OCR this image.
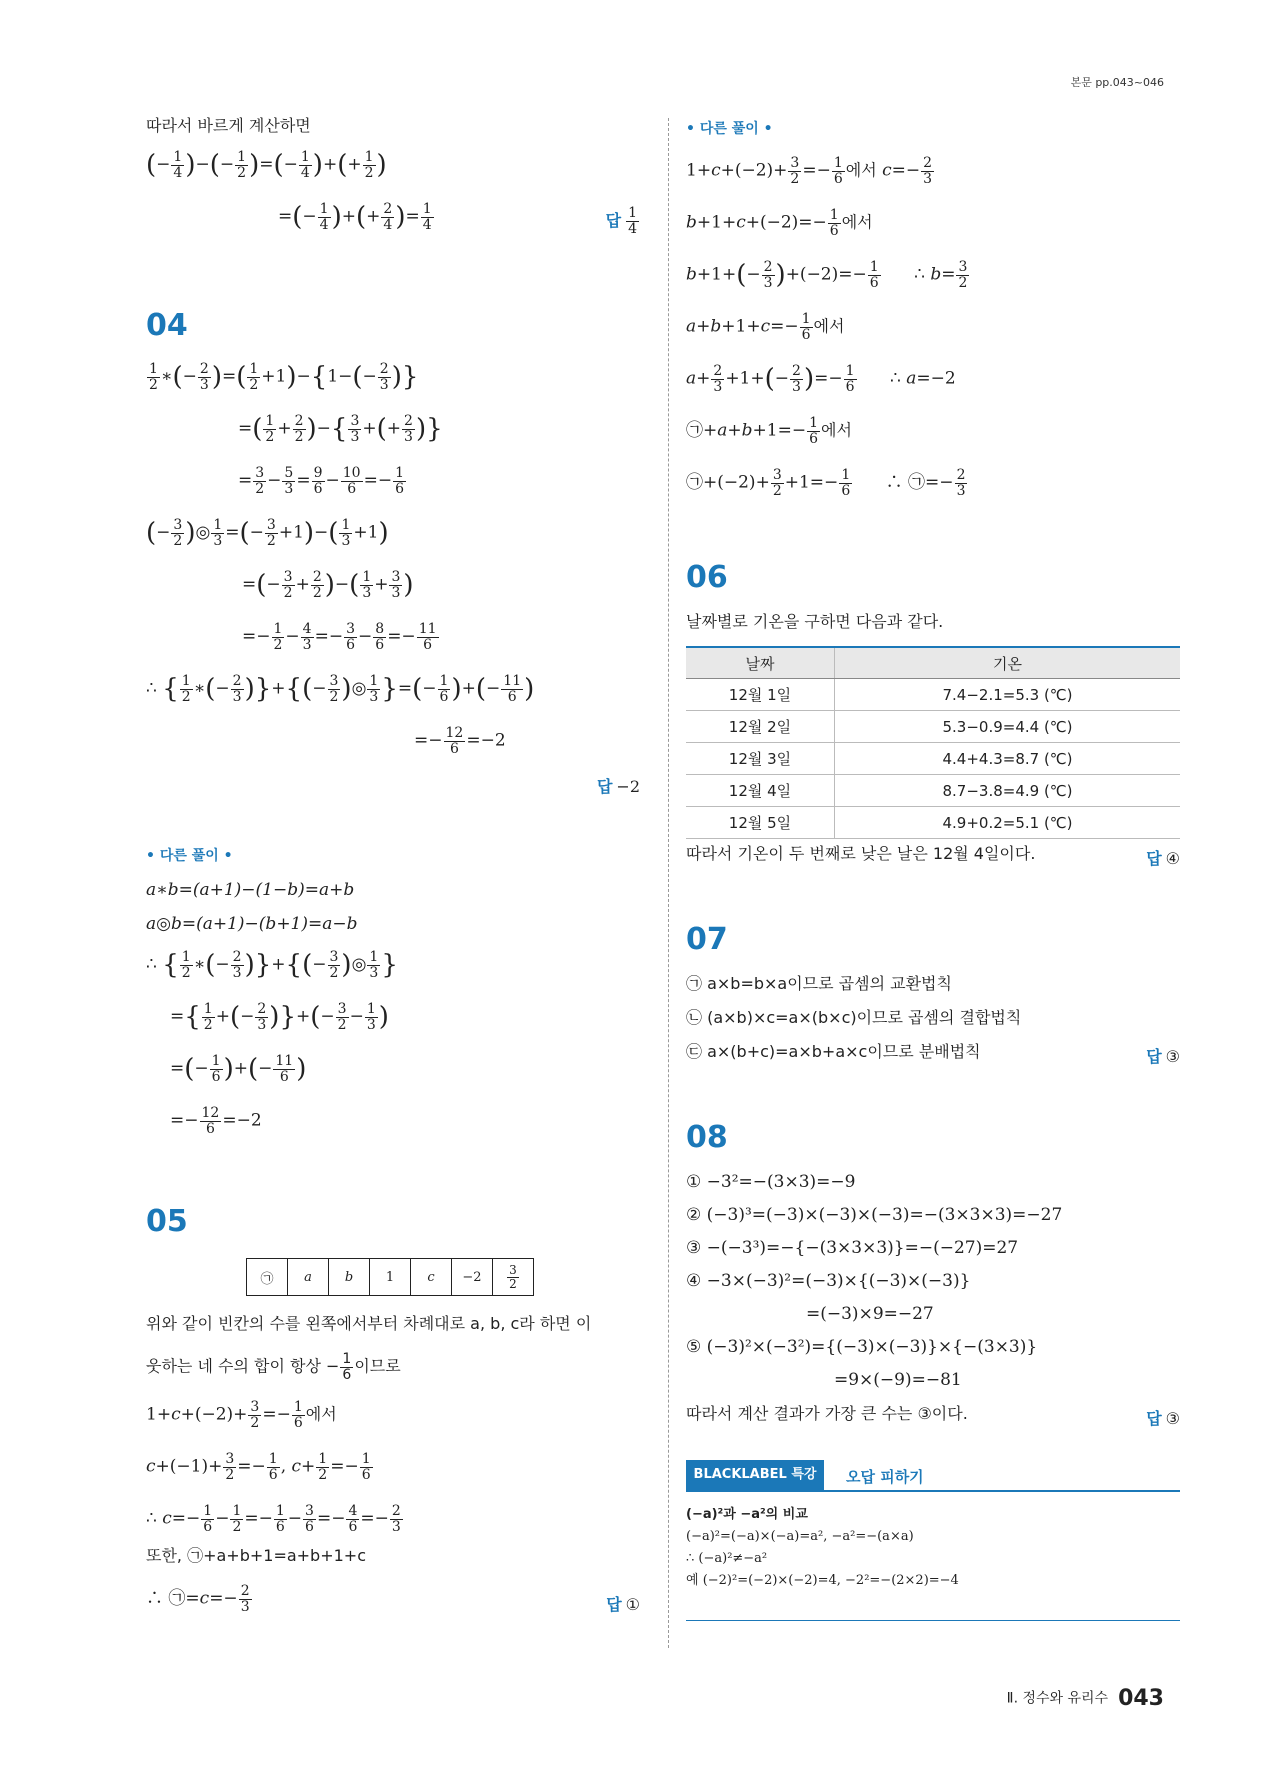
본문 pp.043~046
따라서 바르게 계산하면
(− $\frac{1}{4}$ )−(− $\frac{1}{2}$ )=(− $\frac{1}{4}$ )+(+ $\frac{1}{2}$ )
=(− $\frac{1}{4}$ )+(+ $\frac{2}{4}$ )= $\frac{1}{4}$	답 $\frac{1}{4}$
04
$\frac{1}{2}$ ∗(− $\frac{2}{3}$ )=( $\frac{1}{2} +1)-\{1-(- \frac{2}{3}$ )}
=( $\frac{1}{2} + \frac{2}{2}$ )−{ $\frac{3}{3}$ +(+ $\frac{2}{3}$ )}
= $\frac{3}{2} - \frac{5}{3} = \frac{9}{6} - \frac{10}{6} =- \frac{1}{6}$
(− $\frac{3}{2}$ )◎ $\frac{1}{3}$ =(− $\frac{3}{2} +1)-( \frac{1}{3} +1)$
=(− $\frac{3}{2} + \frac{2}{2}$ )−( $\frac{1}{3} + \frac{3}{3}$ )
=− $\frac{1}{2} - \frac{4}{3} =- \frac{3}{6} - \frac{8}{6} =- \frac{11}{6}$
∴ { $\frac{1}{2}$ ∗(− $\frac{2}{3}$ )}+{(− $\frac{3}{2}$ )◎ $\frac{1}{3}$ }=(− $\frac{1}{6}$ )+(− $\frac{11}{6}$ )
=− $\frac{12}{6} =-2$
답 −2
• 다른 풀이 •
a∗b=(a+1)−(1−b)=a+b
a◎b=(a+1)−(b+1)=a−b
∴ { $\frac{1}{2}$ ∗(− $\frac{2}{3}$ )}+{(− $\frac{3}{2}$ )◎ $\frac{1}{3}$ }
={ $\frac{1}{2}$ +(− $\frac{2}{3}$ )}+(− $\frac{3}{2} - \frac{1}{3}$ )
=(− $\frac{1}{6}$ )+(− $\frac{11}{6}$ )
=− $\frac{12}{6} =-2$
05
㉠	a	b	1	c	−2	$\frac{3}{2}$
위와 같이 빈칸의 수를 왼쪽에서부터 차례대로 a, b, c라 하면 이
웃하는 네 수의 합이 항상 − $\frac{1}{6}$ 이므로
$1+c+(-2)+ \frac{3}{2} =- \frac{1}{6}$ 에서
$c+(-1)+ \frac{3}{2} =- \frac{1}{6}$ , $c+ \frac{1}{2} =- \frac{1}{6}$
∴ $c=- \frac{1}{6} - \frac{1}{2} =- \frac{1}{6} - \frac{3}{6} =- \frac{4}{6} =- \frac{2}{3}$
또한, ㉠+a+b+1=a+b+1+c
∴ ㉠=c=− $\frac{2}{3}$	답 ①
• 다른 풀이 •
$1+c+(-2)+ \frac{3}{2} =- \frac{1}{6}$ 에서 $c=- \frac{2}{3}$
$b+1+c+(-2)=- \frac{1}{6}$ 에서
$b+1+(- \frac{2}{3} )+(-2)=- \frac{1}{6}$ ∴ $b= \frac{3}{2}$
$a+b+1+c=- \frac{1}{6}$ 에서
$a+ \frac{2}{3} +1+(- \frac{2}{3}$ )=− $\frac{1}{6}$ ∴ a=−2
㉠+a+b+1=− $\frac{1}{6}$ 에서
㉠+(−2)+ $\frac{3}{2} +1=- \frac{1}{6}$ ∴ ㉠=− $\frac{2}{3}$
06
날짜별로 기온을 구하면 다음과 같다.
날짜	기온
12월 1일	7.4−2.1=5.3 (℃)
12월 2일	5.3−0.9=4.4 (℃)
12월 3일	4.4+4.3=8.7 (℃)
12월 4일	8.7−3.8=4.9 (℃)
12월 5일	4.9+0.2=5.1 (℃)
따라서 기온이 두 번째로 낮은 날은 12월 4일이다.	답 ④
07
㉠ a×b=b×a이므로 곱셈의 교환법칙
㉡ (a×b)×c=a×(b×c)이므로 곱셈의 결합법칙
㉢ a×(b+c)=a×b+a×c이므로 분배법칙	답 ③
08
① −3²=−(3×3)=−9
② (−3)³=(−3)×(−3)×(−3)=−(3×3×3)=−27
③ −(−3³)=−{−(3×3×3)}=−(−27)=27
④ −3×(−3)²=(−3)×{(−3)×(−3)}
=(−3)×9=−27
⑤ (−3)²×(−3²)={(−3)×(−3)}×{−(3×3)}
=9×(−9)=−81
따라서 계산 결과가 가장 큰 수는 ③이다.	답 ③
BLACKLABEL 특강	오답 피하기
(−a)²과 −a²의 비교
(−a)²=(−a)×(−a)=a², −a²=−(a×a)
∴ (−a)²≠−a²
예 (−2)²=(−2)×(−2)=4, −2²=−(2×2)=−4
Ⅱ. 정수와 유리수 043
